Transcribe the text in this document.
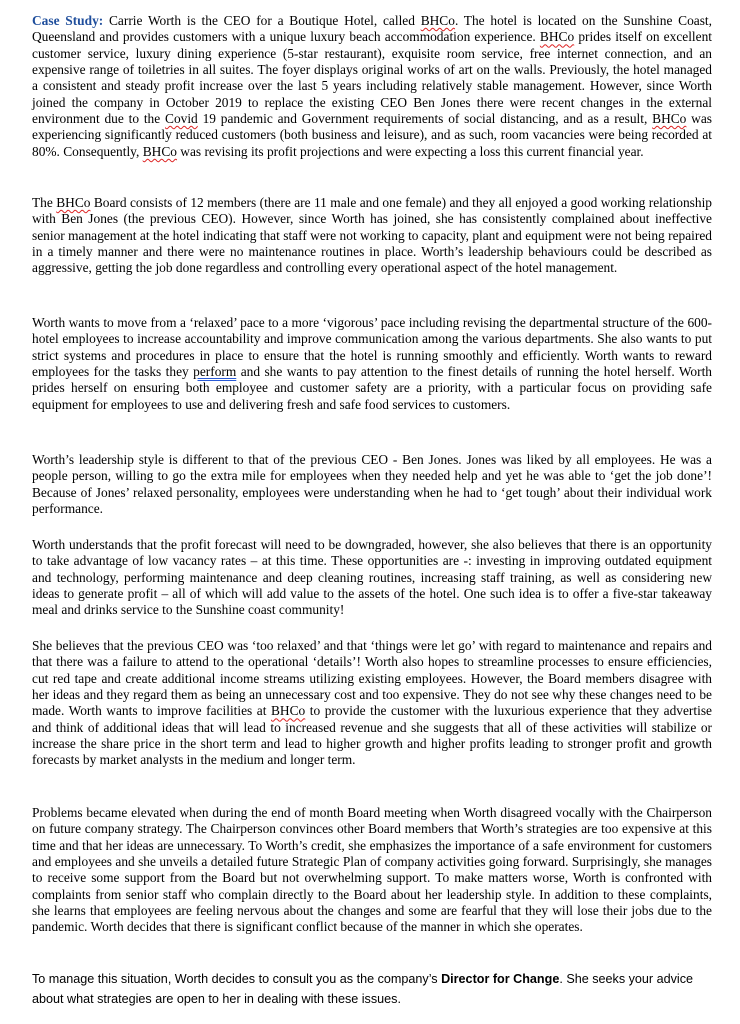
Case Study: Carrie Worth is the CEO for a Boutique Hotel, called BHCo. The hotel is located on the Sunshine Coast, Queensland and provides customers with a unique luxury beach accommodation experience. BHCo prides itself on excellent customer service, luxury dining experience (5-star restaurant), exquisite room service, free internet connection, and an expensive range of toiletries in all suites. The foyer displays original works of art on the walls. Previously, the hotel managed a consistent and steady profit increase over the last 5 years including relatively stable management. However, since Worth joined the company in October 2019 to replace the existing CEO Ben Jones there were recent changes in the external environment due to the Covid 19 pandemic and Government requirements of social distancing, and as a result, BHCo was experiencing significantly reduced customers (both business and leisure), and as such, room vacancies were being recorded at 80%. Consequently, BHCo was revising its profit projections and were expecting a loss this current financial year.

The BHCo Board consists of 12 members (there are 11 male and one female) and they all enjoyed a good working relationship with Ben Jones (the previous CEO). However, since Worth has joined, she has consistently complained about ineffective senior management at the hotel indicating that staff were not working to capacity, plant and equipment were not being repaired in a timely manner and there were no maintenance routines in place. Worth’s leadership behaviours could be described as aggressive, getting the job done regardless and controlling every operational aspect of the hotel management.

Worth wants to move from a ‘relaxed’ pace to a more ‘vigorous’ pace including revising the departmental structure of the 600-hotel employees to increase accountability and improve communication among the various departments. She also wants to put strict systems and procedures in place to ensure that the hotel is running smoothly and efficiently. Worth wants to reward employees for the tasks they perform and she wants to pay attention to the finest details of running the hotel herself. Worth prides herself on ensuring both employee and customer safety are a priority, with a particular focus on providing safe equipment for employees to use and delivering fresh and safe food services to customers.

Worth’s leadership style is different to that of the previous CEO - Ben Jones. Jones was liked by all employees. He was a people person, willing to go the extra mile for employees when they needed help and yet he was able to ‘get the job done’! Because of Jones’ relaxed personality, employees were understanding when he had to ‘get tough’ about their individual work performance.

Worth understands that the profit forecast will need to be downgraded, however, she also believes that there is an opportunity to take advantage of low vacancy rates – at this time. These opportunities are -: investing in improving outdated equipment and technology, performing maintenance and deep cleaning routines, increasing staff training, as well as considering new ideas to generate profit – all of which will add value to the assets of the hotel. One such idea is to offer a five-star takeaway meal and drinks service to the Sunshine coast community!

She believes that the previous CEO was ‘too relaxed’ and that ‘things were let go’ with regard to maintenance and repairs and that there was a failure to attend to the operational ‘details’! Worth also hopes to streamline processes to ensure efficiencies, cut red tape and create additional income streams utilizing existing employees. However, the Board members disagree with her ideas and they regard them as being an unnecessary cost and too expensive. They do not see why these changes need to be made. Worth wants to improve facilities at BHCo to provide the customer with the luxurious experience that they advertise and think of additional ideas that will lead to increased revenue and she suggests that all of these activities will stabilize or increase the share price in the short term and lead to higher growth and higher profits leading to stronger profit and growth forecasts by market analysts in the medium and longer term.

Problems became elevated when during the end of month Board meeting when Worth disagreed vocally with the Chairperson on future company strategy. The Chairperson convinces other Board members that Worth’s strategies are too expensive at this time and that her ideas are unnecessary. To Worth’s credit, she emphasizes the importance of a safe environment for customers and employees and she unveils a detailed future Strategic Plan of company activities going forward. Surprisingly, she manages to receive some support from the Board but not overwhelming support. To make matters worse, Worth is confronted with complaints from senior staff who complain directly to the Board about her leadership style. In addition to these complaints, she learns that employees are feeling nervous about the changes and some are fearful that they will lose their jobs due to the pandemic. Worth decides that there is significant conflict because of the manner in which she operates.

To manage this situation, Worth decides to consult you as the company’s Director for Change. She seeks your advice about what strategies are open to her in dealing with these issues.
